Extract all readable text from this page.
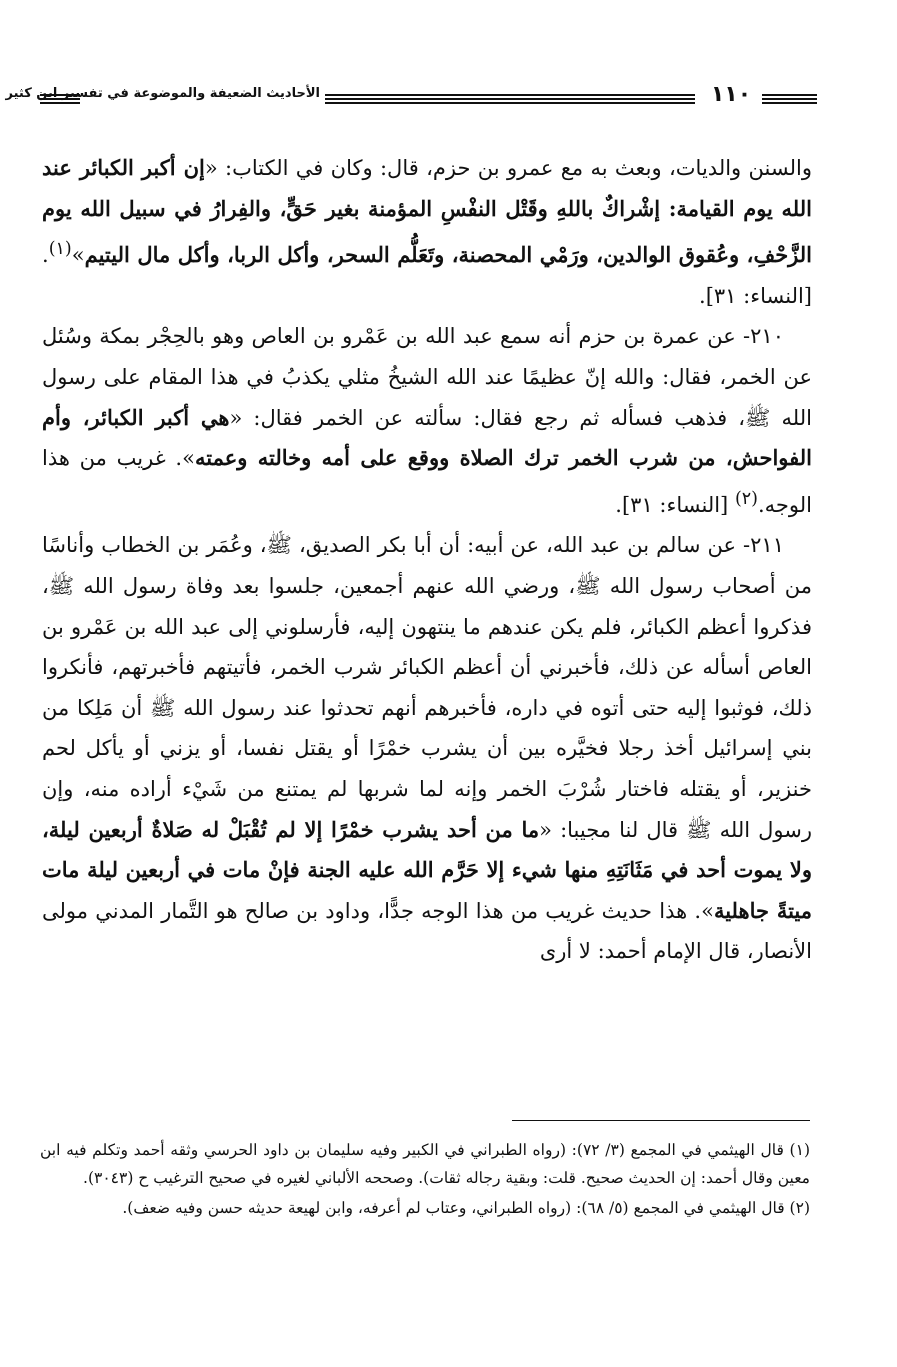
الأحاديث الضعيفة والموضوعة في تفسير ابن كثير	١١٠

والسنن والديات، وبعث به مع عمرو بن حزم، قال: وكان في الكتاب: «إن أكبر الكبائر عند الله يوم القيامة: إشْراكٌ باللهِ وقَتْل النفْسِ المؤمنة بغير حَقٍّ، والفِرارُ في سبيل الله يوم الزَّحْفِ، وعُقوق الوالدين، ورَمْي المحصنة، وتَعَلُّم السحر، وأكل الربا، وأكل مال اليتيم»$^{(١)}$. [النساء: ٣١].

٢١٠- عن عمرة بن حزم أنه سمع عبد الله بن عَمْرو بن العاص وهو بالحِجْر بمكة وسُئل عن الخمر، فقال: والله إنّ عظيمًا عند الله الشيخُ مثلي يكذبُ في هذا المقام على رسول الله ﷺ، فذهب فسأله ثم رجع فقال: سألته عن الخمر فقال: «هي أكبر الكبائر، وأم الفواحش، من شرب الخمر ترك الصلاة ووقع على أمه وخالته وعمته». غريب من هذا الوجه.$^{(٢)}$ [النساء: ٣١].

٢١١- عن سالم بن عبد الله، عن أبيه: أن أبا بكر الصديق، ﷺ، وعُمَر بن الخطاب وأناسًا من أصحاب رسول الله ﷺ، ورضي الله عنهم أجمعين، جلسوا بعد وفاة رسول الله ﷺ، فذكروا أعظم الكبائر، فلم يكن عندهم ما ينتهون إليه، فأرسلوني إلى عبد الله بن عَمْرو بن العاص أسأله عن ذلك، فأخبرني أن أعظم الكبائر شرب الخمر، فأتيتهم فأخبرتهم، فأنكروا ذلك، فوثبوا إليه حتى أتوه في داره، فأخبرهم أنهم تحدثوا عند رسول الله ﷺ أن مَلِكا من بني إسرائيل أخذ رجلا فخيَّره بين أن يشرب خمْرًا أو يقتل نفسا، أو يزني أو يأكل لحم خنزير، أو يقتله فاختار شُرْبَ الخمر وإنه لما شربها لم يمتنع من شَيْء أراده منه، وإن رسول الله ﷺ قال لنا مجيبا: «ما من أحد يشرب خمْرًا إلا لم تُقْبَلْ له صَلاةٌ أربعين ليلة، ولا يموت أحد في مَثَانَتِهِ منها شيء إلا حَرَّم الله عليه الجنة فإنْ مات في أربعين ليلة مات ميتةً جاهلية». هذا حديث غريب من هذا الوجه جدًّا، وداود بن صالح هو التَّمار المدني مولى الأنصار، قال الإمام أحمد: لا أرى

(١) قال الهيثمي في المجمع (٣/ ٧٢): (رواه الطبراني في الكبير وفيه سليمان بن داود الحرسي وثقه أحمد وتكلم فيه ابن معين وقال أحمد: إن الحديث صحيح. قلت: وبقية رجاله ثقات). وصححه الألباني لغيره في صحيح الترغيب ح (٣٠٤٣).

(٢) قال الهيثمي في المجمع (٥/ ٦٨): (رواه الطبراني، وعتاب لم أعرفه، وابن لهيعة حديثه حسن وفيه ضعف).
